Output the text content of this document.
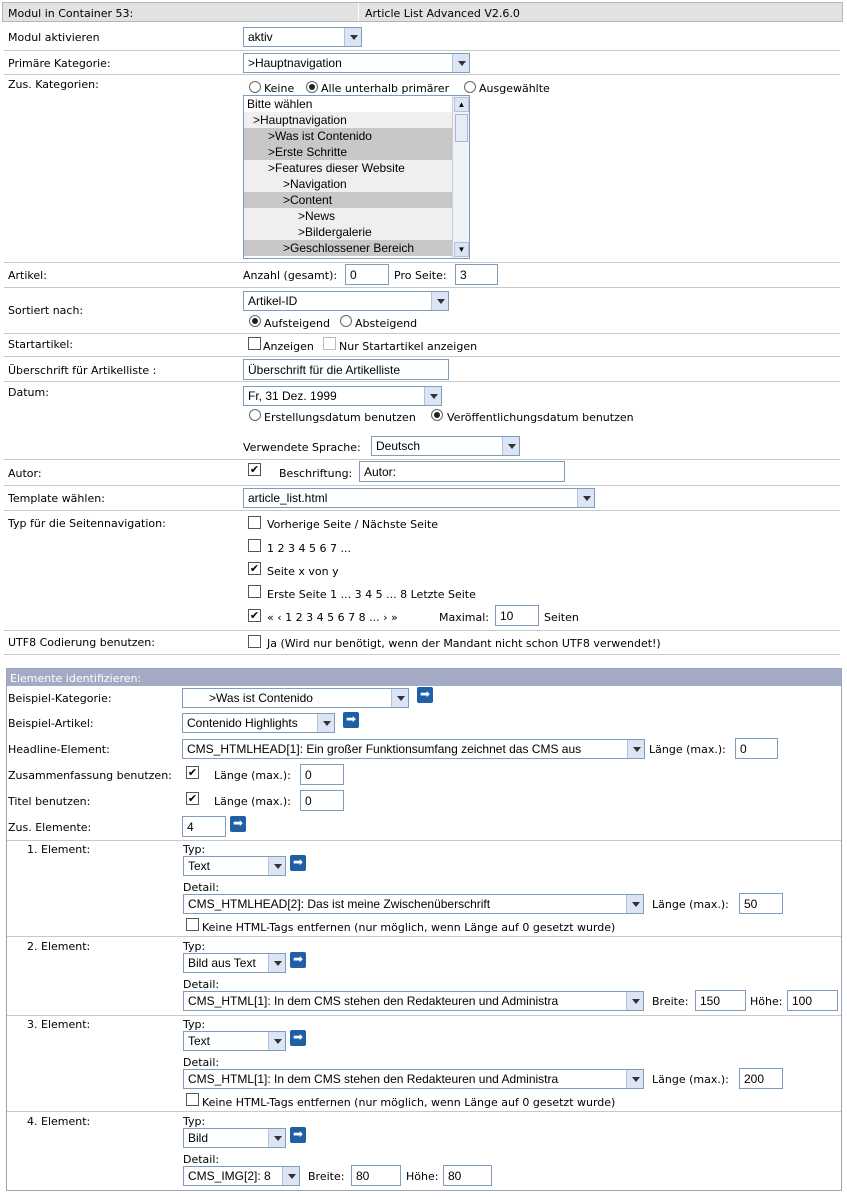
Modul in Container 53:	Article List Advanced V2.6.0
Modul aktivieren	aktiv
Primäre Kategorie:	>Hauptnavigation
Zus. Kategorien:	Keine Alle unterhalb primärer	Ausgewählte
Bitte wählen
>Hauptnavigation
>Was ist Contenido
>Erste Schritte
>Features dieser Website
>Navigation
>Content
>News
>Bildergalerie
>Geschlossener Bereich
▲
▼
Artikel:	Anzahl (gesamt):	0	Pro Seite:	3
Sortiert nach:
Artikel-ID
Aufsteigend Absteigend
Startartikel:	Anzeigen Nur Startartikel anzeigen
Überschrift für Artikelliste :	Überschrift für die Artikelliste
Datum:	Fr, 31 Dez. 1999
Erstellungsdatum benutzen	Veröffentlichungsdatum benutzen
Verwendete Sprache:	Deutsch
Autor:	✔ Beschriftung: Autor:
Template wählen:	article_list.html
Typ für die Seitennavigation:	Vorherige Seite / Nächste Seite
1 2 3 4 5 6 7 ...
✔ Seite x von y
Erste Seite 1 ... 3 4 5 ... 8 Letzte Seite
✔ « ‹ 1 2 3 4 5 6 7 8 ... › »	Maximal: 10	Seiten
UTF8 Codierung benutzen:	Ja (Wird nur benötigt, wenn der Mandant nicht schon UTF8 verwendet!)
Elemente identifizieren:
Beispiel-Kategorie:	>Was ist Contenido	➡
Beispiel-Artikel:	Contenido Highlights	➡
Headline-Element:	CMS_HTMLHEAD[1]: Ein großer Funktionsumfang zeichnet das CMS aus	Länge (max.):	0
Zusammenfassung benutzen: ✔ Länge (max.):	0
Titel benutzen:	✔ Länge (max.):	0
Zus. Elemente:	4	➡
1. Element:	Typ:
Text	➡
Detail:
CMS_HTMLHEAD[2]: Das ist meine Zwischenüberschrift	Länge (max.):	50
Keine HTML-Tags entfernen (nur möglich, wenn Länge auf 0 gesetzt wurde)
2. Element:	Typ:
Bild aus Text	➡
Detail:
CMS_HTML[1]: In dem CMS stehen den Redakteuren und Administra	Breite: 150	Höhe: 100
3. Element:	Typ:
Text	➡
Detail:
CMS_HTML[1]: In dem CMS stehen den Redakteuren und Administra	Länge (max.):	200
Keine HTML-Tags entfernen (nur möglich, wenn Länge auf 0 gesetzt wurde)
4. Element:	Typ:
Bild	➡
Detail:
CMS_IMG[2]: 8	Breite: 80	Höhe: 80
